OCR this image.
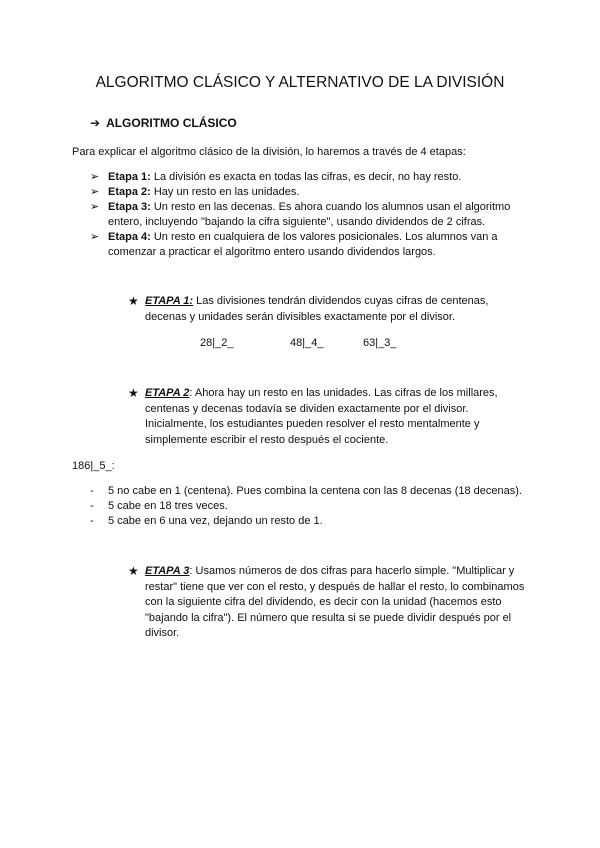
ALGORITMO CLÁSICO Y ALTERNATIVO DE LA DIVISIÓN
➔ ALGORITMO CLÁSICO
Para explicar el algoritmo clásico de la división, lo haremos a través de 4 etapas:
➢ Etapa 1: La división es exacta en todas las cifras, es decir, no hay resto.
➢ Etapa 2: Hay un resto en las unidades.
➢ Etapa 3: Un resto en las decenas. Es ahora cuando los alumnos usan el algoritmo entero, incluyendo "bajando la cifra siguiente", usando dividendos de 2 cifras.
➢ Etapa 4: Un resto en cualquiera de los valores posicionales. Los alumnos van a comenzar a practicar el algoritmo entero usando dividendos largos.
★ ETAPA 1: Las divisiones tendrán dividendos cuyas cifras de centenas, decenas y unidades serán divisibles exactamente por el divisor.
28|_2_	48|_4_	63|_3_
★ ETAPA 2: Ahora hay un resto en las unidades. Las cifras de los millares, centenas y decenas todavía se dividen exactamente por el divisor. Inicialmente, los estudiantes pueden resolver el resto mentalmente y simplemente escribir el resto después el cociente.
186|_5_:
- 5 no cabe en 1 (centena). Pues combina la centena con las 8 decenas (18 decenas).
- 5 cabe en 18 tres veces.
- 5 cabe en 6 una vez, dejando un resto de 1.
★ ETAPA 3: Usamos números de dos cifras para hacerlo simple. "Multiplicar y restar" tiene que ver con el resto, y después de hallar el resto, lo combinamos con la siguiente cifra del dividendo, es decir con la unidad (hacemos esto "bajando la cifra"). El número que resulta si se puede dividir después por el divisor.
